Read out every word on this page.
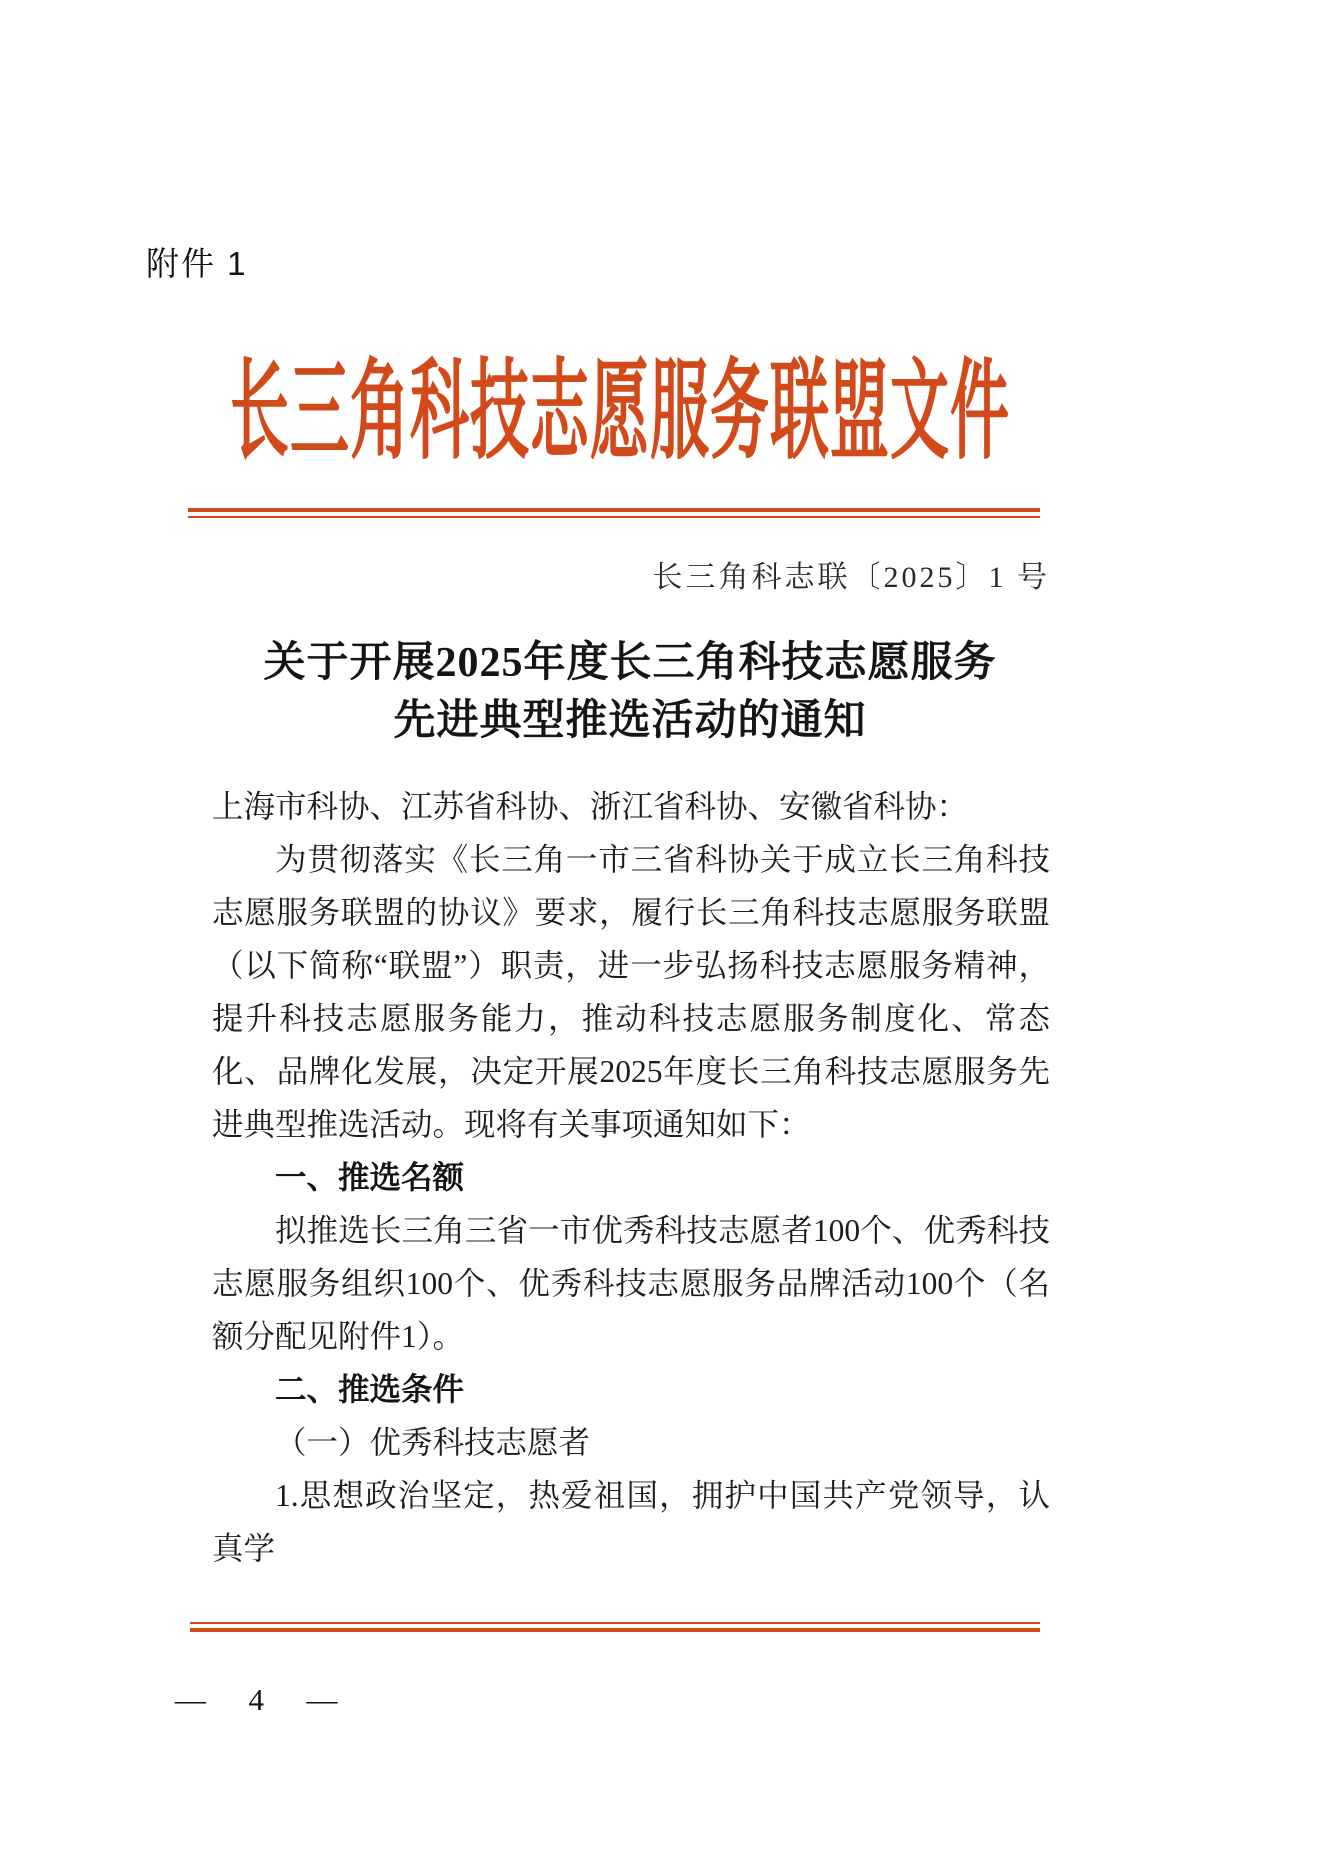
附件 1
长三角科技志愿服务联盟文件
长三角科志联〔2025〕1 号
关于开展2025年度长三角科技志愿服务
先进典型推选活动的通知

上海市科协、江苏省科协、浙江省科协、安徽省科协：

为贯彻落实《长三角一市三省科协关于成立长三角科技志愿服务联盟的协议》要求，履行长三角科技志愿服务联盟（以下简称“联盟”）职责，进一步弘扬科技志愿服务精神，提升科技志愿服务能力，推动科技志愿服务制度化、常态化、品牌化发展，决定开展2025年度长三角科技志愿服务先进典型推选活动。现将有关事项通知如下：

一、推选名额

拟推选长三角三省一市优秀科技志愿者100个、优秀科技志愿服务组织100个、优秀科技志愿服务品牌活动100个（名额分配见附件1）。

二、推选条件

（一）优秀科技志愿者

1.思想政治坚定，热爱祖国，拥护中国共产党领导，认真学

—  4  —
